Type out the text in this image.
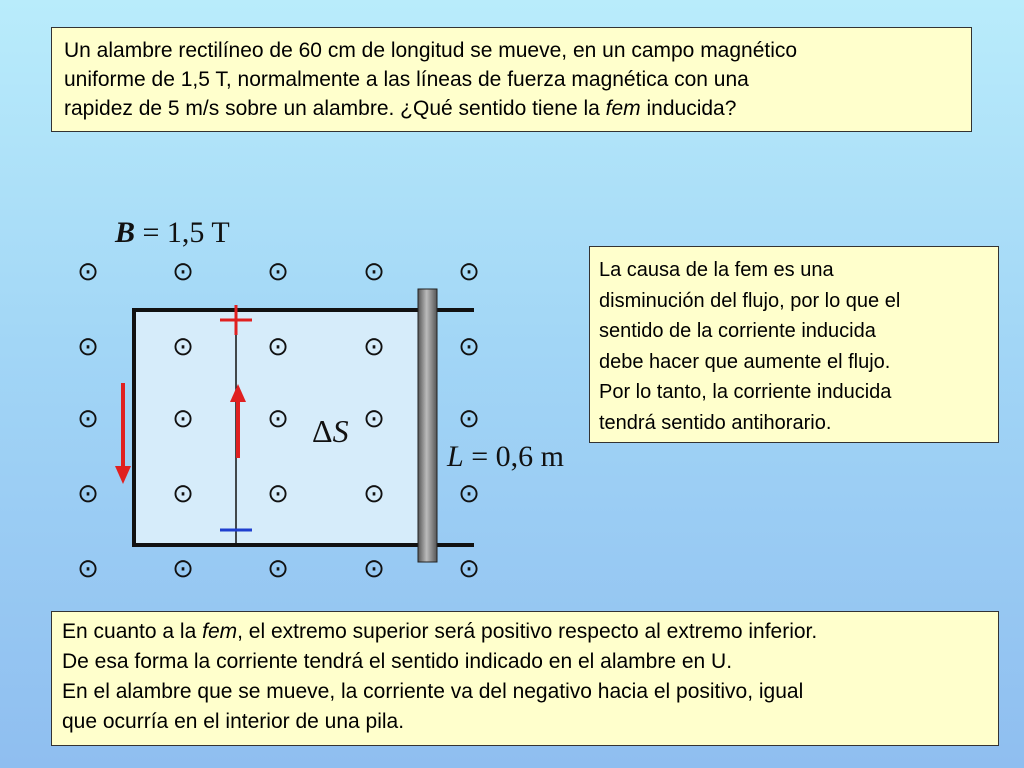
Un alambre rectilíneo de 60 cm de longitud se mueve, en un campo magnético
uniforme de 1,5 T, normalmente a las líneas de fuerza magnética con una
rapidez de 5 m/s sobre un alambre. ¿Qué sentido tiene la fem inducida?
⊙	⊙	⊙	⊙	⊙
⊙	⊙	⊙	⊙	⊙
⊙	⊙	⊙	⊙	⊙
⊙	⊙	⊙	⊙	⊙
⊙	⊙	⊙	⊙	⊙
B = 1,5 T
ΔS
L = 0,6 m
La causa de la fem es una
disminución del flujo, por lo que el
sentido de la corriente inducida
debe hacer que aumente el flujo.
Por lo tanto, la corriente inducida
tendrá sentido antihorario.

En cuanto a la fem, el extremo superior será positivo respecto al extremo inferior.

De esa forma la corriente tendrá el sentido indicado en el alambre en U.

En el alambre que se mueve, la corriente va del negativo hacia el positivo, igual

que ocurría en el interior de una pila.
